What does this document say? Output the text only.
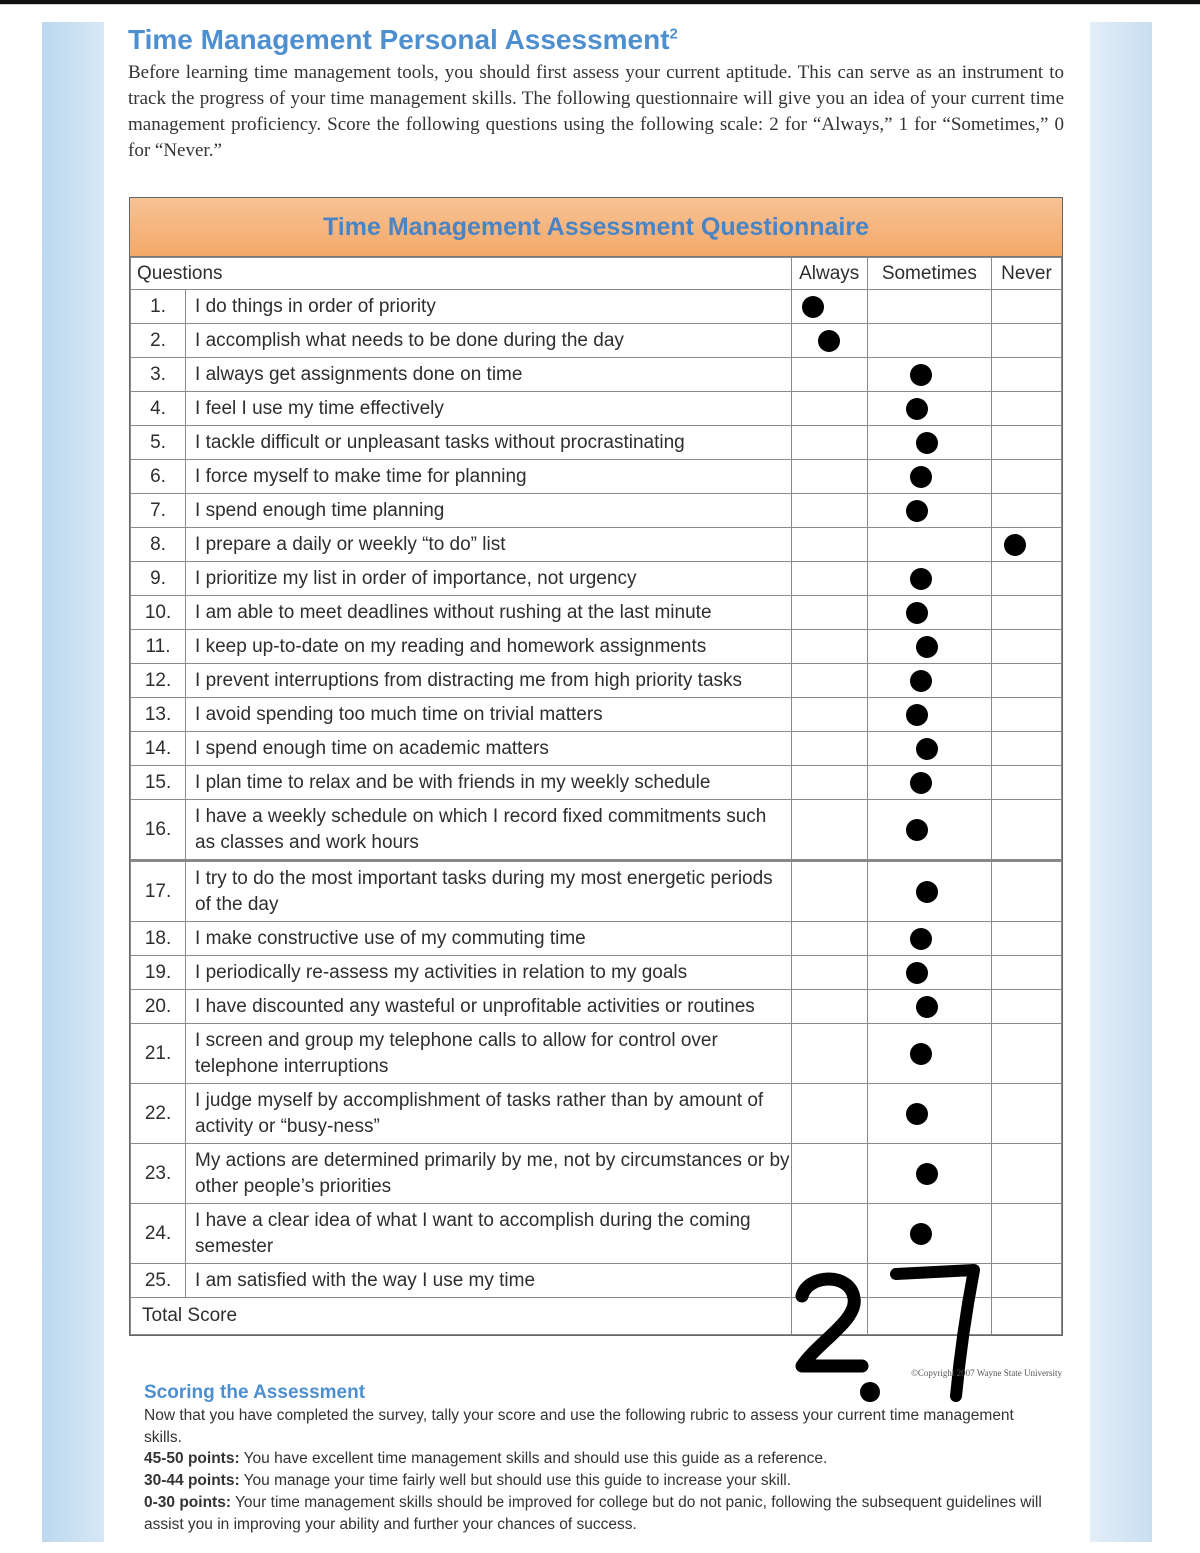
Time Management Personal Assessment$^2$

Before learning time management tools, you should first assess your current aptitude. This can serve as an instrument to track the progress of your time management skills. The following questionnaire will give you an idea of your current time management proficiency. Score the following questions using the following scale: 2 for “Always,” 1 for “Sometimes,” 0 for “Never.”

Time Management Assessment Questionnaire
Questions		Always	Sometimes	Never
1.	I do things in order of priority	

2.	I accomplish what needs to be done during the day	

3.	I always get assignments done on time		

4.	I feel I use my time effectively		

5.	I tackle difficult or unpleasant tasks without procrastinating		

6.	I force myself to make time for planning		

7.	I spend enough time planning		

8.	I prepare a daily or weekly “to do” list			

9.	I prioritize my list in order of importance, not urgency		

10.	I am able to meet deadlines without rushing at the last minute		

11.	I keep up-to-date on my reading and homework assignments		

12.	I prevent interruptions from distracting me from high priority tasks		

13.	I avoid spending too much time on trivial matters		

14.	I spend enough time on academic matters		

15.	I plan time to relax and be with friends in my weekly schedule		

16.	I have a weekly schedule on which I record fixed commitments such as classes and work hours		

17.	I try to do the most important tasks during my most energetic periods of the day		

18.	I make constructive use of my commuting time		

19.	I periodically re-assess my activities in relation to my goals		

20.	I have discounted any wasteful or unprofitable activities or routines		

21.	I screen and group my telephone calls to allow for control over telephone interruptions		

22.	I judge myself by accomplishment of tasks rather than by amount of activity or “busy-ness”		

23.	My actions are determined primarily by me, not by circumstances or by other people’s priorities		

24.	I have a clear idea of what I want to accomplish during the coming semester		

25.	I am satisfied with the way I use my time			
Total Score				

©Copyright 2007 Wayne State University

Scoring the Assessment

Now that you have completed the survey, tally your score and use the following rubric to assess your current time management skills.

45-50 points: You have excellent time management skills and should use this guide as a reference.

30-44 points: You manage your time fairly well but should use this guide to increase your skill.

0-30 points: Your time management skills should be improved for college but do not panic, following the subsequent guidelines will assist you in improving your ability and further your chances of success.
